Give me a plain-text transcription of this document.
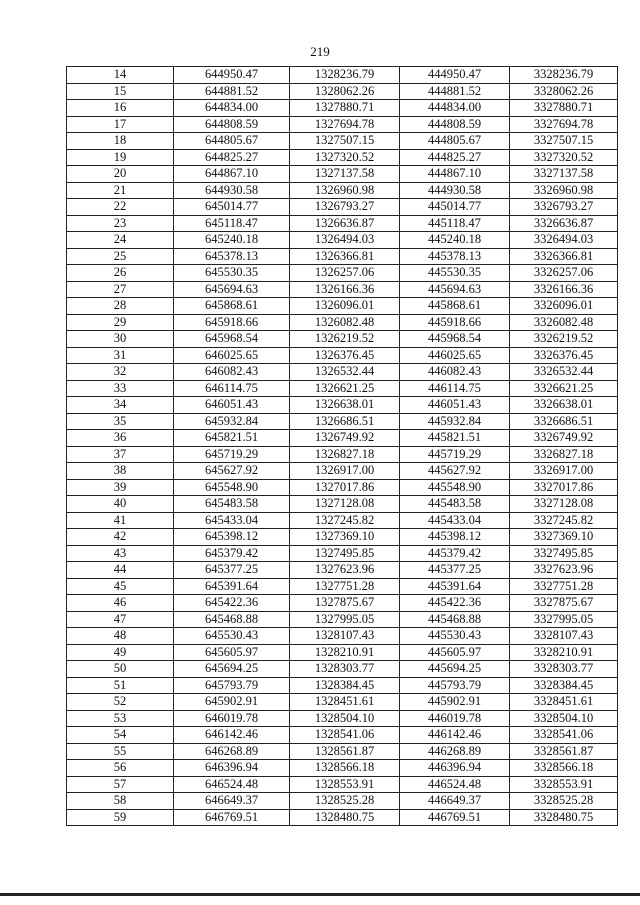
219
14	644950.47	1328236.79	444950.47	3328236.79
15	644881.52	1328062.26	444881.52	3328062.26
16	644834.00	1327880.71	444834.00	3327880.71
17	644808.59	1327694.78	444808.59	3327694.78
18	644805.67	1327507.15	444805.67	3327507.15
19	644825.27	1327320.52	444825.27	3327320.52
20	644867.10	1327137.58	444867.10	3327137.58
21	644930.58	1326960.98	444930.58	3326960.98
22	645014.77	1326793.27	445014.77	3326793.27
23	645118.47	1326636.87	445118.47	3326636.87
24	645240.18	1326494.03	445240.18	3326494.03
25	645378.13	1326366.81	445378.13	3326366.81
26	645530.35	1326257.06	445530.35	3326257.06
27	645694.63	1326166.36	445694.63	3326166.36
28	645868.61	1326096.01	445868.61	3326096.01
29	645918.66	1326082.48	445918.66	3326082.48
30	645968.54	1326219.52	445968.54	3326219.52
31	646025.65	1326376.45	446025.65	3326376.45
32	646082.43	1326532.44	446082.43	3326532.44
33	646114.75	1326621.25	446114.75	3326621.25
34	646051.43	1326638.01	446051.43	3326638.01
35	645932.84	1326686.51	445932.84	3326686.51
36	645821.51	1326749.92	445821.51	3326749.92
37	645719.29	1326827.18	445719.29	3326827.18
38	645627.92	1326917.00	445627.92	3326917.00
39	645548.90	1327017.86	445548.90	3327017.86
40	645483.58	1327128.08	445483.58	3327128.08
41	645433.04	1327245.82	445433.04	3327245.82
42	645398.12	1327369.10	445398.12	3327369.10
43	645379.42	1327495.85	445379.42	3327495.85
44	645377.25	1327623.96	445377.25	3327623.96
45	645391.64	1327751.28	445391.64	3327751.28
46	645422.36	1327875.67	445422.36	3327875.67
47	645468.88	1327995.05	445468.88	3327995.05
48	645530.43	1328107.43	445530.43	3328107.43
49	645605.97	1328210.91	445605.97	3328210.91
50	645694.25	1328303.77	445694.25	3328303.77
51	645793.79	1328384.45	445793.79	3328384.45
52	645902.91	1328451.61	445902.91	3328451.61
53	646019.78	1328504.10	446019.78	3328504.10
54	646142.46	1328541.06	446142.46	3328541.06
55	646268.89	1328561.87	446268.89	3328561.87
56	646396.94	1328566.18	446396.94	3328566.18
57	646524.48	1328553.91	446524.48	3328553.91
58	646649.37	1328525.28	446649.37	3328525.28
59	646769.51	1328480.75	446769.51	3328480.75
